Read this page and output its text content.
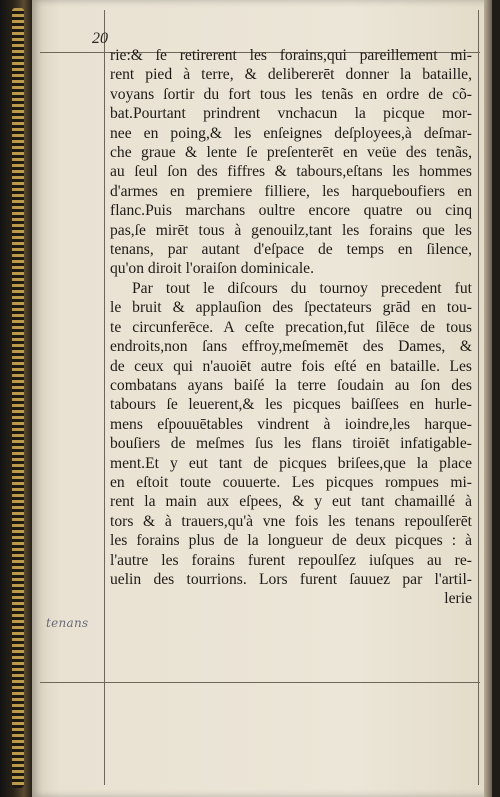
20
tenans
rie:& ſe retirerent les forains,qui pareillement mi-
rent pied à terre, & delibererēt donner la bataille,
voyans ſortir du fort tous les tenãs en ordre de cõ-
bat.Pourtant prindrent vnchacun la picque mor-
nee en poing,& les enſeignes deſployees,à deſmar-
che graue & lente ſe preſenterēt en veüe des tenãs,
au ſeul ſon des fiffres & tabours,eſtans les hommes
d'armes en premiere filliere, les harqueboufiers en
flanc.Puis marchans oultre encore quatre ou cinq
pas,ſe mirēt tous à genouilz,tant les forains que les
tenans, par autant d'eſpace de temps en ſilence,
qu'on diroit l'oraiſon dominicale.
Par tout le diſcours du tournoy precedent fut
le bruit & applauſion des ſpectateurs grād en tou-
te circunferēce. A ceſte precation,fut ſilēce de tous
endroits,non ſans effroy,meſmemēt des Dames, &
de ceux qui n'auoiēt autre fois eſté en bataille. Les
combatans ayans baiſé la terre ſoudain au ſon des
tabours ſe leuerent,& les picques baiſſees en hurle-
mens eſpouuētables vindrent à ioindre,les harque-
bouſiers de meſmes ſus les flans tiroiēt infatigable-
ment.Et y eut tant de picques briſees,que la place
en eſtoit toute couuerte. Les picques rompues mi-
rent la main aux eſpees, & y eut tant chamaillé à
tors & à trauers,qu'à vne fois les tenans repoulſerēt
les forains plus de la longueur de deux picques : à
l'autre les forains furent repoulſez iuſques au re-
uelin des tourrions. Lors furent ſauuez par l'artil-
lerie
